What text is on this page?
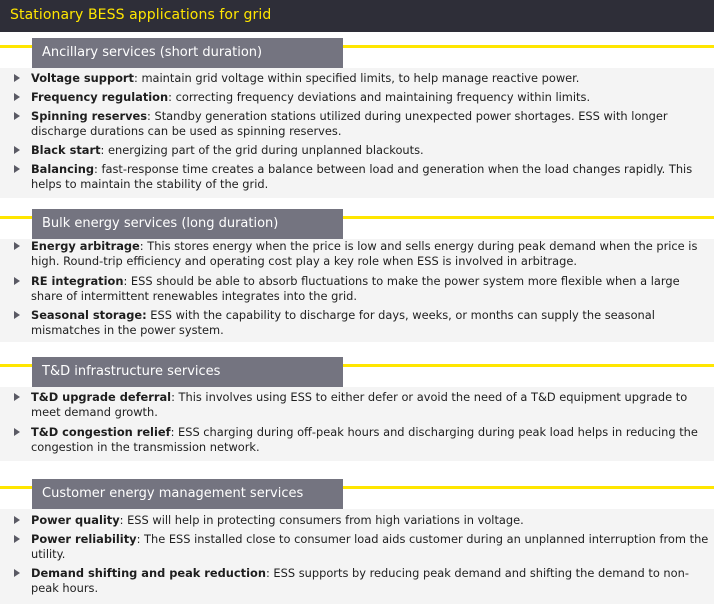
Stationary BESS applications for grid
Ancillary services (short duration)
Voltage support: maintain grid voltage within specified limits, to help manage reactive power.
Frequency regulation: correcting frequency deviations and maintaining frequency within limits.
Spinning reserves: Standby generation stations utilized during unexpected power shortages. ESS with longer discharge durations can be used as spinning reserves.
Black start: energizing part of the grid during unplanned blackouts.
Balancing: fast-response time creates a balance between load and generation when the load changes rapidly. This helps to maintain the stability of the grid.
Bulk energy services (long duration)
Energy arbitrage: This stores energy when the price is low and sells energy during peak demand when the price is high. Round-trip efficiency and operating cost play a key role when ESS is involved in arbitrage.
RE integration: ESS should be able to absorb fluctuations to make the power system more flexible when a large share of intermittent renewables integrates into the grid.
Seasonal storage: ESS with the capability to discharge for days, weeks, or months can supply the seasonal mismatches in the power system.
T&D infrastructure services
T&D upgrade deferral: This involves using ESS to either defer or avoid the need of a T&D equipment upgrade to meet demand growth.
T&D congestion relief: ESS charging during off-peak hours and discharging during peak load helps in reducing the congestion in the transmission network.
Customer energy management services
Power quality: ESS will help in protecting consumers from high variations in voltage.
Power reliability: The ESS installed close to consumer load aids customer during an unplanned interruption from the utility.
Demand shifting and peak reduction: ESS supports by reducing peak demand and shifting the demand to non-peak hours.
